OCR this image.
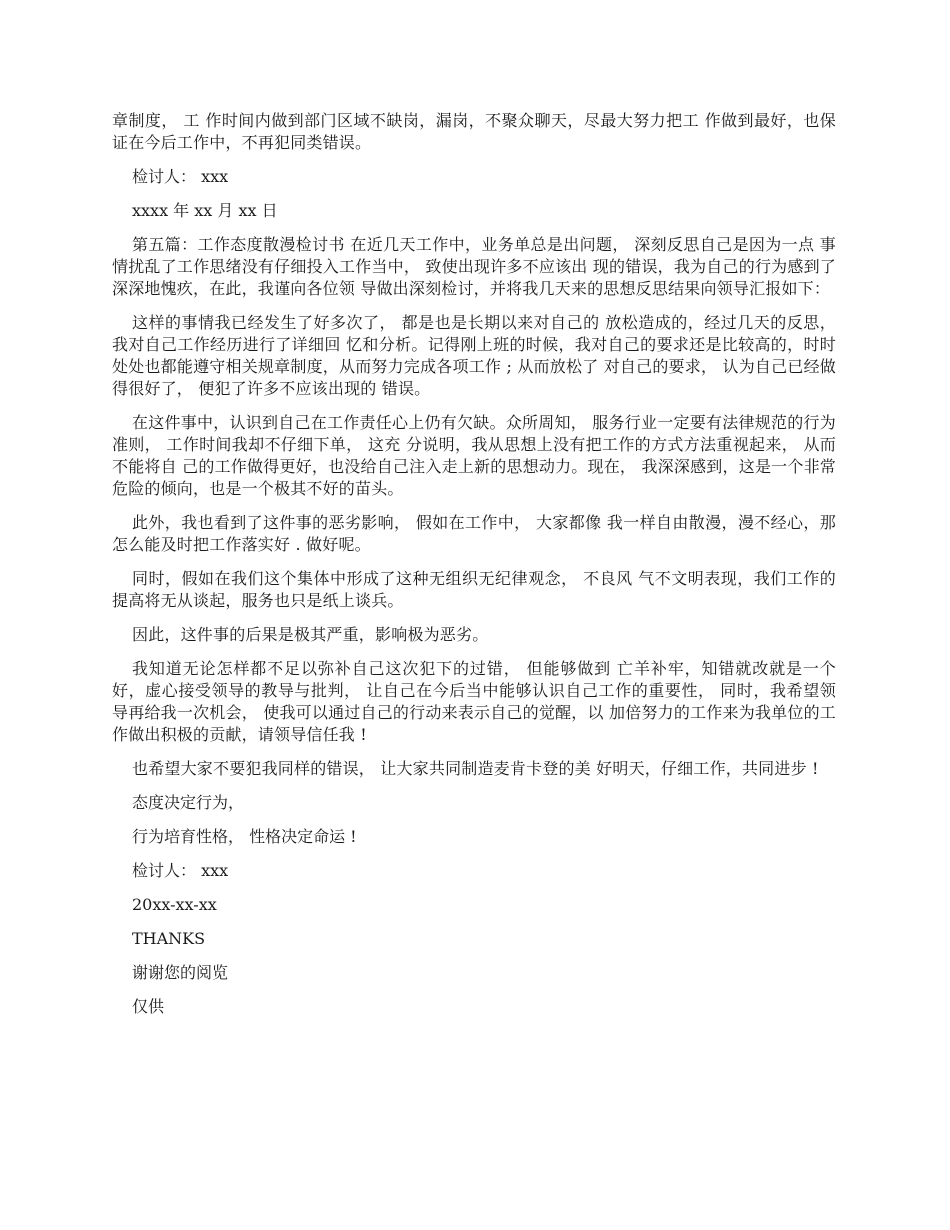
章制度， 工 作时间内做到部门区域不缺岗，漏岗，不聚众聊天，尽最大努力把工 作做到最好，也保证在今后工作中，不再犯同类错误。

检讨人： xxx

xxxx 年 xx 月 xx 日

第五篇：工作态度散漫检讨书 在近几天工作中，业务单总是出问题， 深刻反思自己是因为一点 事情扰乱了工作思绪没有仔细投入工作当中， 致使出现许多不应该出 现的错误，我为自己的行为感到了深深地愧疚，在此，我谨向各位领 导做出深刻检讨，并将我几天来的思想反思结果向领导汇报如下：

这样的事情我已经发生了好多次了， 都是也是长期以来对自己的 放松造成的，经过几天的反思， 我对自己工作经历进行了详细回 忆和分析。记得刚上班的时候，我对自己的要求还是比较高的，时时 处处也都能遵守相关规章制度，从而努力完成各项工作 ; 从而放松了 对自己的要求， 认为自己已经做得很好了， 便犯了许多不应该出现的 错误。

在这件事中，认识到自己在工作责任心上仍有欠缺。众所周知， 服务行业一定要有法律规范的行为准则， 工作时间我却不仔细下单， 这充 分说明，我从思想上没有把工作的方式方法重视起来， 从而不能将自 己的工作做得更好，也没给自己注入走上新的思想动力。现在， 我深深感到，这是一个非常危险的倾向，也是一个极其不好的苗头。

此外，我也看到了这件事的恶劣影响， 假如在工作中， 大家都像 我一样自由散漫，漫不经心，那怎么能及时把工作落实好 . 做好呢。

同时，假如在我们这个集体中形成了这种无组织无纪律观念， 不良风 气不文明表现，我们工作的提高将无从谈起，服务也只是纸上谈兵。

因此，这件事的后果是极其严重，影响极为恶劣。

我知道无论怎样都不足以弥补自己这次犯下的过错， 但能够做到 亡羊补牢，知错就改就是一个好，虚心接受领导的教导与批判， 让自己在今后当中能够认识自己工作的重要性， 同时，我希望领 导再给我一次机会， 使我可以通过自己的行动来表示自己的觉醒，以 加倍努力的工作来为我单位的工作做出积极的贡献，请领导信任我 !

也希望大家不要犯我同样的错误， 让大家共同制造麦肯卡登的美 好明天，仔细工作，共同进步 !

态度决定行为，

行为培育性格， 性格决定命运 !

检讨人： xxx

20xx-xx-xx

THANKS

谢谢您的阅览

仅供
